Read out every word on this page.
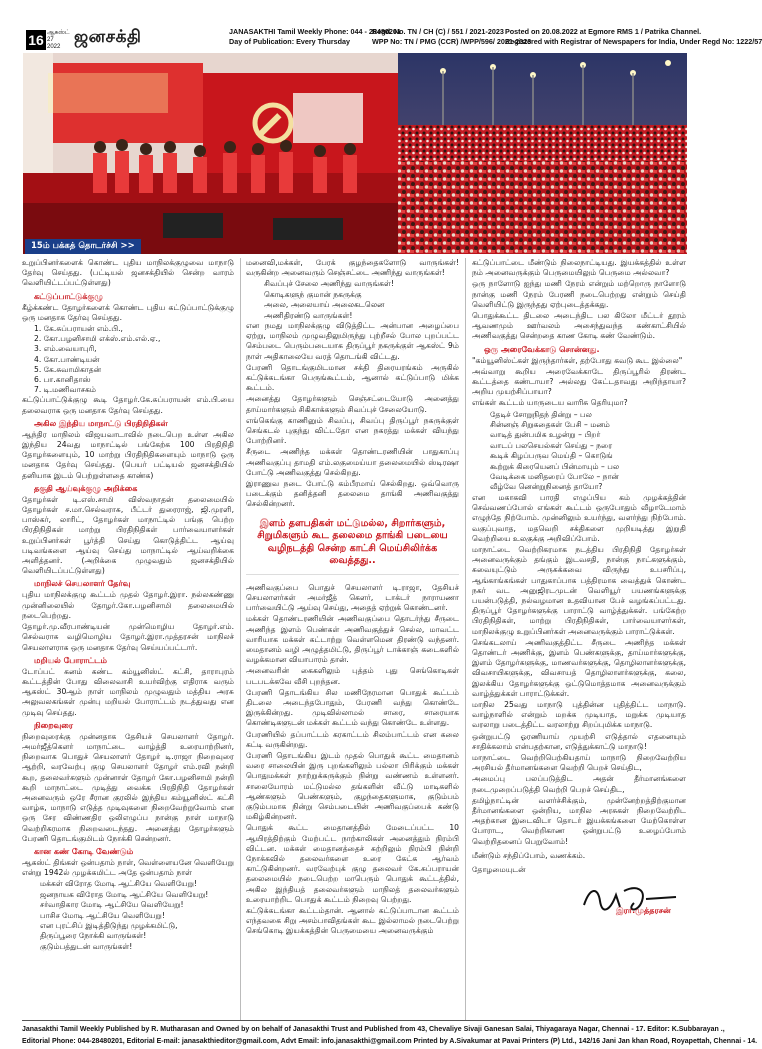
16 ஆகஸ்ட் 27
2022
ஜனசக்தி	JANASAKTHI Tamil Weekly Phone: 044 - 28480201
Day of Publication: Every Thursday
Regd. No. TN / CH (C) / 551 / 2021-2023
WPP No: TN / PMG (CCR) /WPP/596/ 2021-2023
Posted on 20.08.2022 at Egmore RMS 1 / Patrika Channel.
Registered with Registrar of Newspapers for India, Under Regd No: 1222/57
15ம் பக்கத் தொடர்ச்சி >>

உறுப்பினர்களைக் கொண்ட புதிய மாநிலக்குழுவை மாநாடு தேர்வு செய்தது. (பட்டியல் ஜனசக்தியில் சென்ற வாரம் வெளியிட்டப்பட்டுள்ளது)

கட்டுப்பாட்டுக்குழு

கீழ்க்கண்ட தோழர்களைக் கொண்ட புதிய கட்டுப்பாட்டுக்குழு ஒரு மனதாக தேர்வு செய்தது.

1. கே.சுப்பராயன் எம்.பி.,
2. கோ.பழனிசாமி எக்ஸ்.எம்.எல்.ஏ.,
3. எம்.வையாபுரி,
4. கோ.பாண்டியன்
5. கே.சுவாமிகாதன்
6. பா.கானிதாஸ்
7. டி.மணிவாசகம்

கட்டுப்பாட்டுக்குழு கூடி தோழர்.கே.சுப்பராயன் எம்.பி.யை தலைவராக ஒரு மனதாக தேர்வு செய்தது.

அகில இந்திய மாநாட்டு பிரதிநிதிகள்

ஆந்திர மாநிலம் விஜயவாடாவில் நடைபெற உள்ள அகில இந்திய 24வது மாநாட்டில் பங்கேற்க 100 பிரதிநிதி தோழர்களையும், 10 மாற்று பிரதிநிதிகளையும் மாநாடு ஒரு மனதாக தேர்வு செய்தது. (பெயர் பட்டியல் ஜனசக்தியில் தனியாக இடம் பெற்றுள்ளதை காண்க)

தகுதி ஆய்வுக்குழு அறிக்கை

தோழர்கள் டி.எஸ்.சாமி விஸ்வநாதன் தலைமையில் தோழர்கள் ச.மா.செல்வராசு, பீட்டர் துரைராஜ், ஜி.முரளி, பாஸ்கர், லாரிட், தோழர்கள் மாநாட்டில் பங்கு பெற்ற பிரதிநிதிகள் மாற்று பிரதிநிதிகள் பார்வையாளர்கள் உறுப்பினர்கள் பூர்த்தி செய்து கொடுத்திட்ட ஆய்வு படிவங்களை ஆய்வு செய்து மாநாட்டில் ஆய்வறிக்கை அளித்தனர். (அறிக்கை முழுவதும் ஜனசக்தியில் வெளியிடப்பட்டுள்ளது)

மாநிலச் செயலாளர் தேர்வு

புதிய மாநிலக்குழு கூட்டம் முதல் தோழர்.இரா. நல்லகண்ணு முன்னிலையில் தோழர்.கோ.பழனிசாமி தலைமையில் நடைபெற்றது.

தோழர்.மு.வீரபாண்டியன் முன்மொழிய தோழர்.எம். செல்வராசு வழிமொழிய தோழர்.இரா.முத்தரசன் மாநிலச் செயலாளராக ஒரு மனதாக தேர்வு செய்யப்பட்டார்.

மறியல் போராட்டம்

டோப்பட் கனம் கண்ட கம்யூனிஸ்ட் கட்சி, தாராபுரம் கூட்டத்தின் போது விலைவாசி உயர்விற்கு எதிராக வரும் ஆகஸ்ட் 30ஆம் நாள் மாநிலம் முழுவதும் மத்திய அரசு அலுவலகங்கள் முன்பு மறியல் போராட்டம் நடத்துவது என முடிவு செய்தது.

நிறைவுரை

நிறைவுரைக்கு முன்னதாக தேசியச் செயலாளர் தோழர். அமர்ஜீத்கௌர் மாநாட்டை வாழ்த்தி உரையாற்றினர், நிறைவாக பொதுச் செயலாளர் தோழர் டி.ராஜா நிறைவுரை ஆற்றி, வரவேற்பு குழு செயலாளர் தோழர் எம்.ரவி நன்றி கூற, தலைவர்களும் முன்னாள் தோழர் கோ.பழனிசாமி நன்றி கூறி மாநாட்டை முடித்து வைக்க பிரதிநிதி தோழர்கள் அனைவரும் ஒரே சீரான குரலில் இந்திய கம்யூனிஸ்ட் கட்சி வாழ்க, மாநாடு எடுத்த முடிவுகளை நிறைவேற்றுவோம் என ஒரு சேர விண்ணதிர ஒலிஎழுப்ப நான்கு நாள் மாநாடு வெற்றிகரமாக நிறைவடைந்தது. அனைத்து தோழர்களும் பேரணி தொடங்குமிடம் நோக்கி சென்றனர்.

கான கண் கோடி வேண்டும்

ஆகஸ்ட் திங்கள் ஒன்பதாம் நாள், வெள்ளையனே வெளியேறு என்று 1942ல் முழக்கமிட்ட அதே ஒன்பதாம் நாள்

மக்கள் விரோத மோடி ஆட்சியே வெளியேறு!
ஜனநாயக விரோத மோடி ஆட்சியே வெளியேறு!
சர்வாதிகார மோடி ஆட்சியே வெளியேறு!
பாசிச மோடி ஆட்சியே வெளியேறு!
என புரட்சிப் இடித்திடுந்து முழக்கமிட்டு,
திருப்பூரை நோக்கி வாருங்கள்!
குடும்பத்துடன் வாருங்கள்!

மனைவி,மக்கள், பேரக் குழந்தைகளோடு வாருங்கள்! வருகின்ற அனைவரும் செஞ்சட்டை அணிந்து வாருங்கள்!

சிவப்புச் சேலை அணிந்து வாருங்கள்!
கொடிகளுந் குமான் நகருக்கு
அலை, அலையாய் அலைகடலென
அணிதிரண்டு வாருங்கள்!

என நமது மாநிலக்குழு விடுத்திட்ட அன்பான அழைப்பை ஏற்று, மாநிலம் முழுவதிலுமிருந்து புற்றீசல் போல புறப்பட்ட செம்படை பெரும்படையாக திருப்பூர் நகருக்குள் ஆகஸ்ட் 9ம் நாள் அதிகாலையே வரத் தொடங்கி விட்டது.

பேரணி தொடங்குமிடமான சக்தி திரையரங்கம் அருகில் கட்டுக்கடங்கா பெருங்கூட்டம், ஆனால் கட்டுப்பாடு மிக்க கூட்டம்.

அனைத்து தோழர்களும் செஞ்சட்டையோடு அனைத்து தாய்மார்களும் சிகிகாக்களும் சிவப்புச் சேலையோடு.

எங்கெங்கு காணினும் சிவப்பு, சிவப்பு திருப்பூர் நகருக்குள் செங்கடல் புகுந்து விட்டதோ என நகரத்து மக்கள் வியந்து போற்றினர்.

சீருடை அணிந்த மக்கள் தொண்டரணியின் பாதுகாப்பு அணிவகுப்பு தாமதி எம்.லகுமைய்யா தலைமையில் ஸ்டிரஷா போட்டு அணிவகுத்து செல்கிறது.

இராணுவ நடை போட்டு கம்பீரமாய் செல்கிறது. ஒவ்வொரு படைக்கும் தனித்தனி தலைமை தாங்கி அணிவகுத்து செல்கின்றனர்.

இளம் தளபதிகள் மட்டுமல்ல, சிறார்களும், சிறுமிகளும் கூட தலைமை தாங்கி படையை வழிநடத்தி சென்ற காட்சி மெய்சிலிர்க்க வைத்தது..

அணிவகுப்பை பொதுச் செயலாளர் டி.ராஜா, தேசியச் செயலாளர்கள் அமர்ஜீத் கௌர், டாக்டர் நாராயணா பார்வையிட்டு ஆய்வு செய்து, அதைத் ஏற்றுக் கொண்டனர்.

மக்கள் தொண்டரணியின் அணிவகுப்பை தொடர்ந்து சீருடை அணிந்த இளம் பெண்கள் அணிவகுத்துச் செல்ல, மாவட்ட வாரியாக மக்கள் கட்டாற்று வெள்ளமென திரண்டு வந்தனர். மைதானம் வழி அழுத்தமிட்டு, திருப்பூர் டாக்காஞ் கடைகளில் வழக்கமான வியாபாரம் தான்.

அனைவரின் கைகளிலும் புத்தம் புது செங்கொடிகள் படபடக்கவே வீசி புறந்தன.

பேரணி தொடங்கிய சில மணிநேரமான பொதுக் கூட்டம் திடலை அடைந்தபோதும், பேரணி வந்து கொண்டே இருக்கின்றது. முடிவில்லாமல் சாரை, சாரையாக கொண்டிகளுடன் மக்கள் கூட்டம் வந்து கொண்டே உள்ளது.

பேரணியில் தப்பாட்டம் கரகாட்டம் சிலம்பாட்டம் என கலை கட்டி வருகின்றது.

பேரணி தொடங்கிய இடம் முதல் பொதுக் கூட்ட மைதானம் வரை சாலையின் இரு புறங்களிலும் பல்லா பிரிக்கும் மக்கள் பொதுமக்கள் நாற்றுக்கருக்கும் நின்று வண்ணம் உள்ளனர். சாலையோரம் மட்டுமல்ல தங்களின் வீட்டு மாடிகளில் ஆண்களும் பெண்களும், குழந்தைகளுமாக, குடும்பம் குடும்பமாக நின்று செம்படையின் அணிவகுப்பைக் கண்டு மகிழ்கின்றனர்.

பொதுக் கூட்ட மைதானத்தில் மேடைப்பட்ட 10 ஆயிரத்திற்கும் மேற்பட்ட நாற்காலிகள் அனைத்தும் நிரம்பி விட்டன. மக்கள் மைதானத்தைச் சுற்றிலும் நிரம்பி நின்றி நோக்கவில் தலைவர்களை உரை கேட்க ஆர்வம் காட்டுகின்றனர். வரவேற்புக் குழு தலைவர் கே.சுப்பராயன் தலைமையில் நடைபெற்ற மாபெரும் பொதுக் கூட்டத்தில், அகில இந்தியத் தலைவர்களும் மாநிலத் தலைவர்களும் உரையாற்றிட பொதுக் கூட்டம் நிறைவு பெற்றது.

கட்டுக்கடங்கா கூட்டம்தான். ஆனால் கட்டுப்பாடான கூட்டம் எந்தவகை சிறு அசம்பாவிதங்கள் கூட இல்லாமல் நடைபெற்று செங்கொடி இயக்கத்தின் பெருமையை அனைவருக்கும்

கட்டுப்பாட்டை மீண்டும் நிலைநாட்டியது. இயக்கத்தில் உள்ள நம் அனைவருக்கும் பெருமையிலும் பெருமை அல்லவா?

ஒரு நாளோடு ஐந்து மணி நேரம் என்றும் மற்றொரு நாளோடு நான்கு மணி நேரம் பேரணி நடைபெற்றது என்றும் செய்தி வெளியிட்டு இருந்தது ஏற்புடைத்தக்கது.

பொதுக்கூட்ட திடலை அடைந்திட பல கிலோ மீட்டர் தூரம் ஆவணமும் ஊர்வலம் அசைந்துவந்த கண்காட்சியில் அணிவகுத்து சென்றதை காண கோடி கண் வேண்டும்.

ஒரு அரைவேக்காடு சொன்னது.

"கம்யூனிஸ்ட்கள் இருந்தார்கள், தற்போது கவடு கூட இல்லை"

அவ்வாறு கூறிய அரைவேக்காடே திருப்பூரில் திரண்ட கூட்டத்தை கண்டாயா? அல்லது கேட்டதாவது அறிந்தாயா? அறிய முயற்சிப்பாயா?

எங்கள் கூட்டம் யாருடைய வாரிசு தெரியுமா?

தேடிச் சோறுநிதந் தின்று – பல
சின்னஞ் சிறுகதைகள் பேசி – மனம்
வாடித் துன்பமிக உழன்று – பிறர்
வாடப் பலசெயல்கள் செய்து – நரை
கூடிக் கிழப்பருவ மெய்தி – கொடுங்
கூற்றுக் கிரையெனப் பின்மாயும் – பல
வேடிக்கை மனிதரைப் போலே – நான்
வீழ்வே னென்றுநினைத் தாயோ?

என மகாகவி பாரதி எழுப்பிய கம் முழக்கத்தின் செவ்வணப்போல் எங்கள் கூட்டம் ஒருபோதும் வீழாடேமாம் எழுந்தே நிற்போம். முன்னிலும் உயர்ந்து, வளர்ந்து நிற்போம். வகுப்புவாத, மதவெறி சக்திகளை முறியடித்து இறுதி வெற்றியை உலகுக்கு அறிவிப்போம்.

மாநாட்டை வெற்றிகரமாக நடத்திய பிரதிநிதி தோழர்கள் அனைவருக்கும் தங்கும் இடவசதி, நான்கு நாட்களுக்கும், சுவையுட்டும் அருசுக்கவை விருந்து உபசரிப்பு, ஆங்காங்கங்கள் பாதுகாப்பாக பத்திரமாக வைத்துக் கொண்ட நகர் வட அனுஜிரடமுடன் வெளியூர் பயணங்களுக்கு பயன்படுத்தி, நல்வழமான உதவியான பேச் வழங்கப்பட்டது. திருப்பூர் தோழர்களுக்கு பாராட்டு வாழ்த்துக்கள். பங்கேற்ற பிரதிநிதிகள், மாற்று பிரதிநிதிகள், பார்வையாளர்கள், மாநிலக்குழு உறுப்பினர்கள் அனைவருக்கும் பாராட்டுக்கள்.

செங்கடலாய் அணிவகுத்திட்ட சீருடை அணிந்த மக்கள் தொண்டர் அணிக்கு, இளம் பெண்களுக்கு, தாய்மார்களுக்கு, இளம் தோழர்களுக்கு, மாணவர்களுக்கு, தொழிலாளர்களுக்கு, விவசாயிகளுக்கு, விவசாயத் தொழிலாளர்களுக்கு, கலை, இலக்கிய தோழர்களுக்கு ஒட்டுமொத்தமாக அனைவருக்கும் வாழ்த்துக்கள் பாராட்டுக்கள்.

மாநில 25வது மாநாடு புத்தின்ன புதித்திட்ட மாநாடு. வாழ்நாளில் என்றும் மறக்க முடியாத, மறுக்க முடியாத வரலாறு படைத்திட்ட வரலாற்று சிறப்புமிக்க மாநாடு.

ஒன்றுபட்டு ஓரணியாய் முயற்சி எடுத்தால் எதனையும் சாதிக்கலாம் என்பதற்கான, எடுத்துக்காட்டு மாநாடு!

மாநாட்டை வெற்றிபெற்கியதாய் மாநாடு நிறைவேற்றிய அரசியல் தீர்மானங்களை வெற்றி பெறச் செய்திட,

அமைப்பு பலப்படுத்திட அதன் தீர்மானங்களை நடைமுறைப்படுத்தி வெற்றி பெறச் செய்திட,

தமிழ்நாட்டின் வளர்ச்சிக்கும், முன்னேற்றத்திற்குமான தீர்மானங்களை ஒன்றிய, மாநில அரசுகள் நிறைவேற்றிட அதற்கான இடைவிடா தொடர் இயக்கங்களை மேற்கொள்ள போராட, வெற்றிகாண ஒன்றுபட்டு உழைப்போம் வெற்றிதனைப் பெறுவோம்!

மீண்டும் சந்திப்போம், வணக்கம்.

தோழமையுடன்

இரா.முத்தரசன்
Janasakthi Tamil Weekly Published by R. Mutharasan and Owned by on behalf of Janasakthi Trust and Published from 43, Chevaliye Sivaji Ganesan Salai, Thiyagaraya Nagar, Chennai - 17. Editor: K.Subbarayan .,
Editorial Phone: 044-28480201, Editorial E-mail: janasakthieditor@gmail.com, Advt Email: info.janasakthi@gmail.com Printed by A.Sivakumar at Pavai Printers (P) Ltd., 142/16 Jani Jan khan Road, Royapettah, Chennai - 14.
